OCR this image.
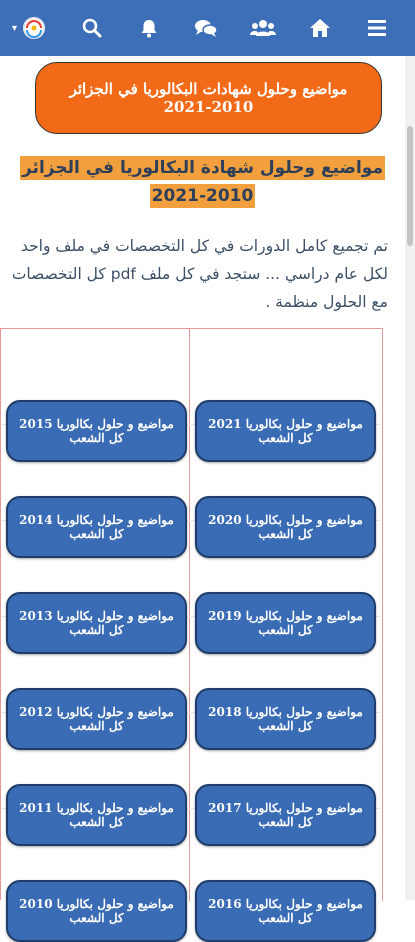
▾
مواضيع وحلول شهادات البكالوريا في الجزائر 2010-2021
مواضيع وحلول شهادة البكالوريا في الجزائر
2021-2010

تم تجميع كامل الدورات في كل التخصصات في ملف واحد لكل عام دراسي ... ستجد في كل ملف pdf كل التخصصات مع الحلول منظمة .

مواضيع و حلول بكالوريا 2021 كل الشعب
مواضيع و حلول بكالوريا 2015 كل الشعب
مواضيع و حلول بكالوريا 2020 كل الشعب
مواضيع و حلول بكالوريا 2014 كل الشعب
مواضيع و حلول بكالوريا 2019 كل الشعب
مواضيع و حلول بكالوريا 2013 كل الشعب
مواضيع و حلول بكالوريا 2018 كل الشعب
مواضيع و حلول بكالوريا 2012 كل الشعب
مواضيع و حلول بكالوريا 2017 كل الشعب
مواضيع و حلول بكالوريا 2011 كل الشعب
مواضيع و حلول بكالوريا 2016 كل الشعب
مواضيع و حلول بكالوريا 2010 كل الشعب
